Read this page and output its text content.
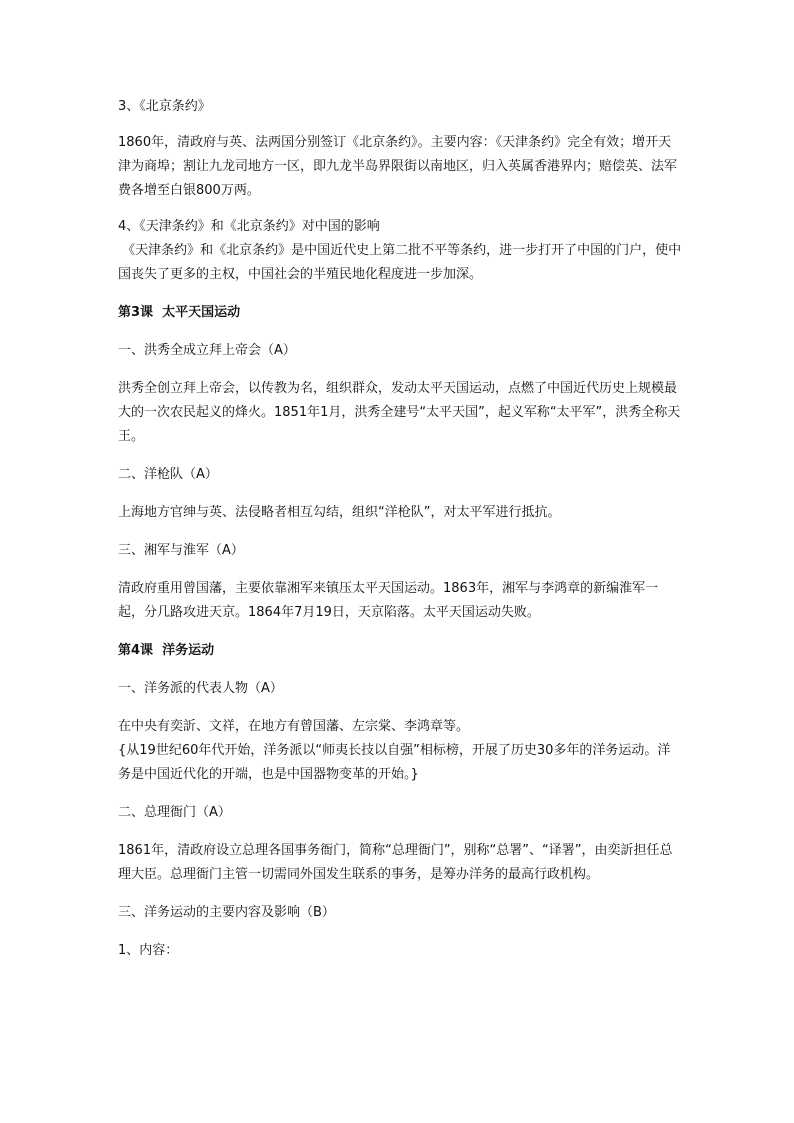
3、《北京条约》

1860年，清政府与英、法两国分别签订《北京条约》。主要内容：《天津条约》完全有效；增开天津为商埠；割让九龙司地方一区，即九龙半岛界限街以南地区，归入英属香港界内；赔偿英、法军费各增至白银800万两。

4、《天津条约》和《北京条约》对中国的影响

《天津条约》和《北京条约》是中国近代史上第二批不平等条约，进一步打开了中国的门户，使中国丧失了更多的主权，中国社会的半殖民地化程度进一步加深。

第3课  太平天国运动

一、洪秀全成立拜上帝会（A）

洪秀全创立拜上帝会，以传教为名，组织群众，发动太平天国运动，点燃了中国近代历史上规模最大的一次农民起义的烽火。1851年1月，洪秀全建号“太平天国”，起义军称“太平军”，洪秀全称天王。

二、洋枪队（A）

上海地方官绅与英、法侵略者相互勾结，组织“洋枪队”，对太平军进行抵抗。

三、湘军与淮军（A）

清政府重用曾国藩，主要依靠湘军来镇压太平天国运动。1863年，湘军与李鸿章的新编淮军一起，分几路攻进天京。1864年7月19日，天京陷落。太平天国运动失败。

第4课  洋务运动

一、洋务派的代表人物（A）

在中央有奕訢、文祥，在地方有曾国藩、左宗棠、李鸿章等。

{从19世纪60年代开始，洋务派以“师夷长技以自强”相标榜，开展了历史30多年的洋务运动。洋务是中国近代化的开端，也是中国器物变革的开始。}

二、总理衙门（A）

1861年，清政府设立总理各国事务衙门，简称“总理衙门”，别称“总署”、“译署”，由奕訢担任总理大臣。总理衙门主管一切需同外国发生联系的事务，是筹办洋务的最高行政机构。

三、洋务运动的主要内容及影响（B）

1、内容：
